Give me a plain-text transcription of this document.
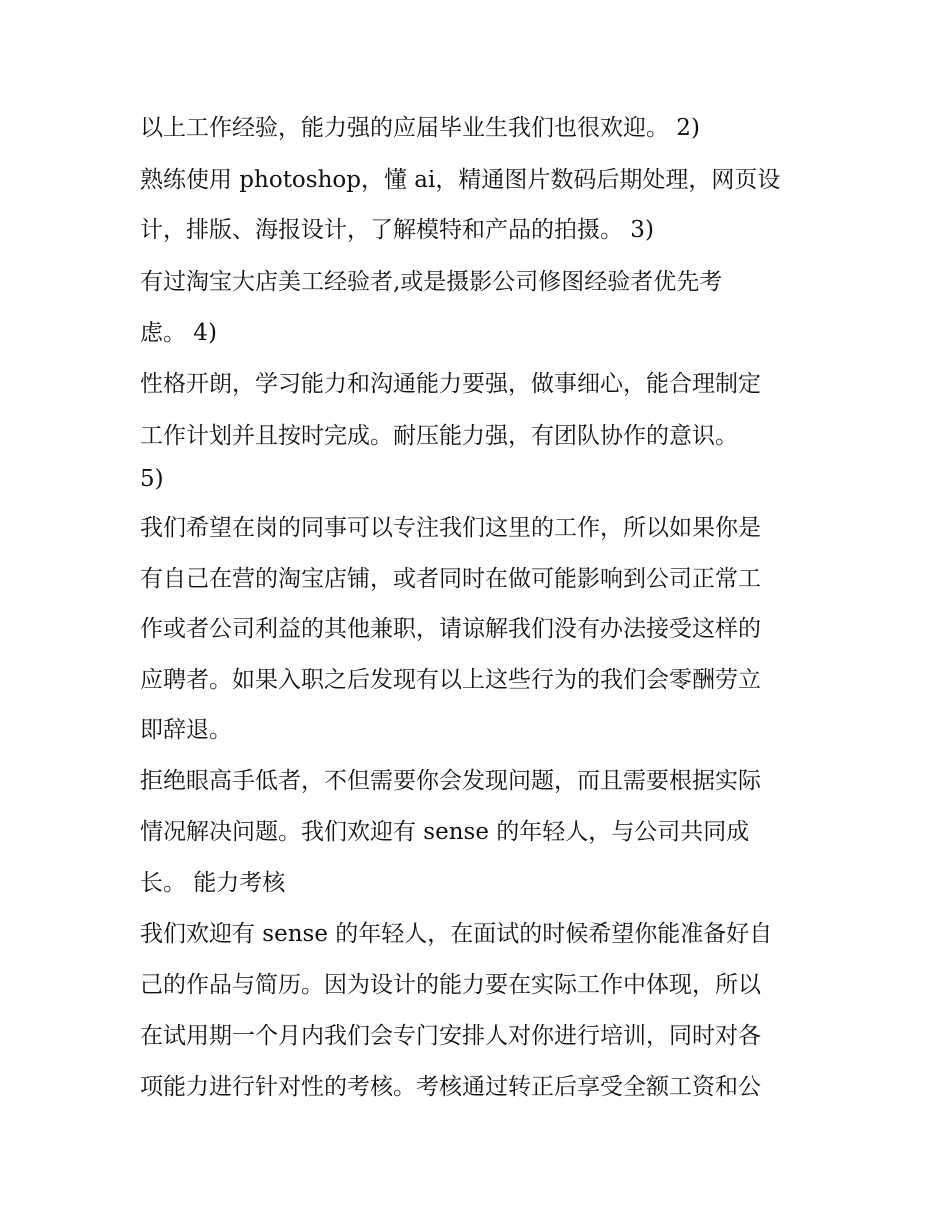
以上工作经验，能力强的应届毕业生我们也很欢迎。 2)
熟练使用 photoshop，懂 ai，精通图片数码后期处理，网页设
计，排版、海报设计，了解模特和产品的拍摄。 3)
有过淘宝大店美工经验者,或是摄影公司修图经验者优先考
虑。 4)
性格开朗，学习能力和沟通能力要强，做事细心，能合理制定
工作计划并且按时完成。耐压能力强，有团队协作的意识。
5)
我们希望在岗的同事可以专注我们这里的工作，所以如果你是
有自己在营的淘宝店铺，或者同时在做可能影响到公司正常工
作或者公司利益的其他兼职，请谅解我们没有办法接受这样的
应聘者。如果入职之后发现有以上这些行为的我们会零酬劳立
即辞退。
拒绝眼高手低者，不但需要你会发现问题，而且需要根据实际
情况解决问题。我们欢迎有 sense 的年轻人，与公司共同成
长。 能力考核
我们欢迎有 sense 的年轻人，在面试的时候希望你能准备好自
己的作品与简历。因为设计的能力要在实际工作中体现，所以
在试用期一个月内我们会专门安排人对你进行培训，同时对各
项能力进行针对性的考核。考核通过转正后享受全额工资和公
